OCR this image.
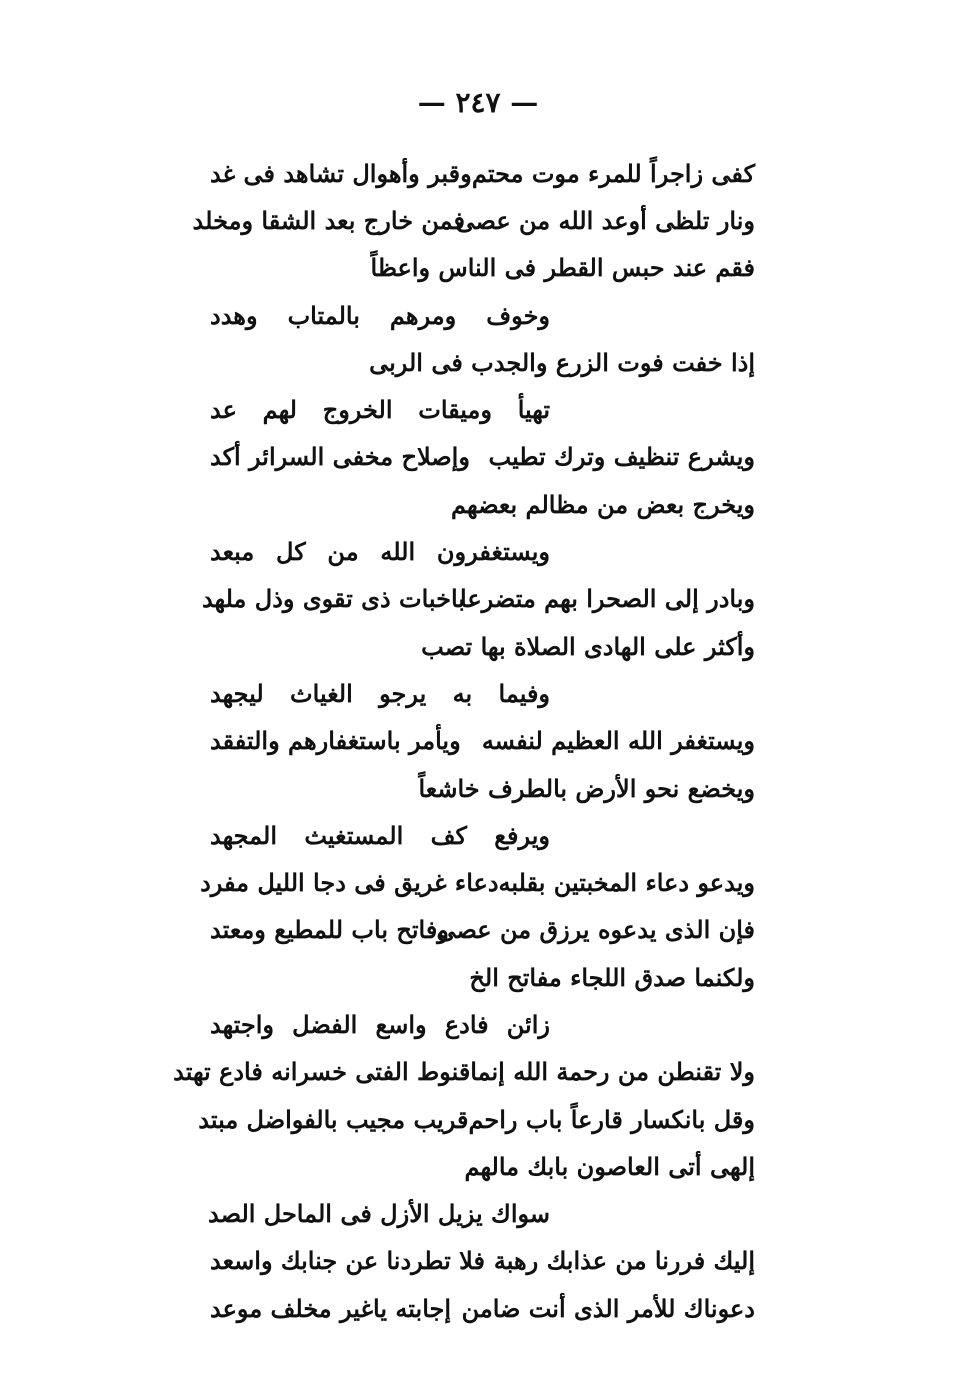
— ٢٤٧ —
كفى زاجراً للمرء موت محتم
وقبر وأهوال تشاهد فى غد
ونار تلظى أوعد الله من عصى
فمن خارج بعد الشقا ومخلد
فقم عند حبس القطر فى الناس واعظاً
وخوف ومرهم بالمتاب وهدد
إذا خفت فوت الزرع والجدب فى الربى
تهيأ وميقات الخروج لهم عد
ويشرع تنظيف وترك تطيب
وإصلاح مخفى السرائر أكد
ويخرج بعض من مظالم بعضهم
ويستغفرون الله من كل مبعد
وبادر إلى الصحرا بهم متضرعا
باخبات ذى تقوى وذل ملهد
وأكثر على الهادى الصلاة بها تصب
وفيما به يرجو الغياث ليجهد
ويستغفر الله العظيم لنفسه
ويأمر باستغفارهم والتفقد
ويخضع نحو الأرض بالطرف خاشعاً
ويرفع كف المستغيث المجهد
ويدعو دعاء المخبتين بقلبه
دعاء غريق فى دجا الليل مفرد
فإن الذى يدعوه يرزق من عصى
وفاتح باب للمطيع ومعتد
ولكنما صدق اللجاء مفاتح الخ
زائن فادع واسع الفضل واجتهد
ولا تقنطن من رحمة الله إنما
قنوط الفتى خسرانه فادع تهتد
وقل بانكسار قارعاً باب راحم
قريب مجيب بالفواضل مبتد
إلهى أتى العاصون بابك مالهم
سواك يزيل الأزل فى الماحل الصد
إليك فررنا من عذابك رهبة
فلا تطردنا عن جنابك واسعد
دعوناك للأمر الذى أنت ضامن
إجابته ياغير مخلف موعد
